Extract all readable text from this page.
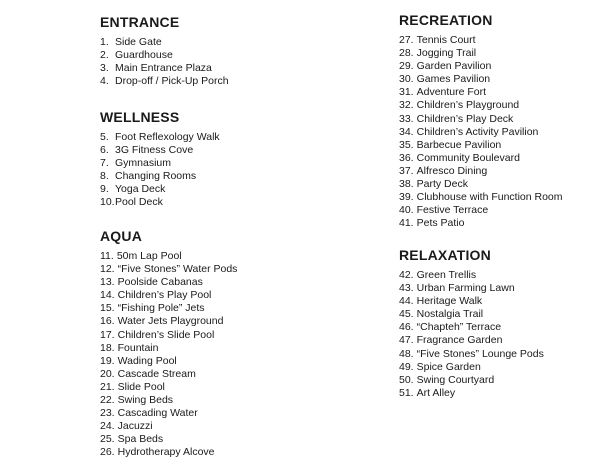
ENTRANCE
1. Side Gate
2. Guardhouse
3. Main Entrance Plaza
4. Drop-off / Pick-Up Porch
WELLNESS
5. Foot Reflexology Walk
6. 3G Fitness Cove
7. Gymnasium
8. Changing Rooms
9. Yoga Deck
10.Pool Deck
AQUA
11. 50m Lap Pool
12. “Five Stones” Water Pods
13. Poolside Cabanas
14. Children’s Play Pool
15. “Fishing Pole” Jets
16. Water Jets Playground
17. Children’s Slide Pool
18. Fountain
19. Wading Pool
20. Cascade Stream
21. Slide Pool
22. Swing Beds
23. Cascading Water
24. Jacuzzi
25. Spa Beds
26. Hydrotherapy Alcove
RECREATION
27. Tennis Court
28. Jogging Trail
29. Garden Pavilion
30. Games Pavilion
31. Adventure Fort
32. Children’s Playground
33. Children’s Play Deck
34. Children’s Activity Pavilion
35. Barbecue Pavilion
36. Community Boulevard
37. Alfresco Dining
38. Party Deck
39. Clubhouse with Function Room
40. Festive Terrace
41. Pets Patio
RELAXATION
42. Green Trellis
43. Urban Farming Lawn
44. Heritage Walk
45. Nostalgia Trail
46. “Chapteh” Terrace
47. Fragrance Garden
48. “Five Stones” Lounge Pods
49. Spice Garden
50. Swing Courtyard
51. Art Alley
